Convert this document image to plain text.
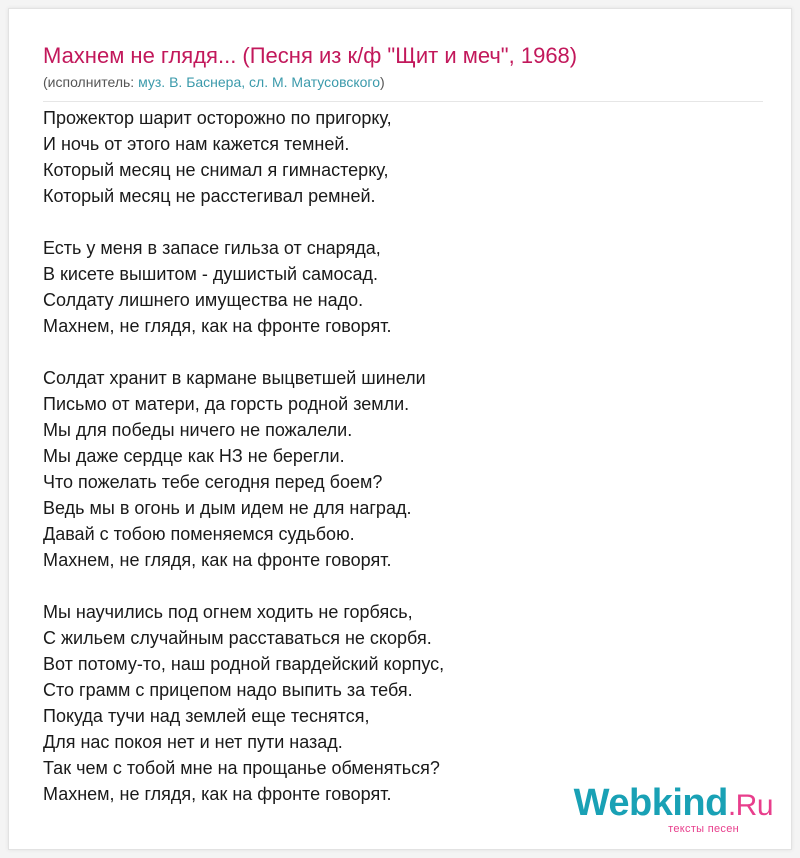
Махнем не глядя... (Песня из к/ф "Щит и меч", 1968)
(исполнитель: муз. В. Баснера, сл. М. Матусовского)
Прожектор шарит осторожно по пригорку,
И ночь от этого нам кажется темней.
Который месяц не снимал я гимнастерку,
Который месяц не расстегивал ремней.
Есть у меня в запасе гильза от снаряда,
В кисете вышитом - душистый самосад.
Солдату лишнего имущества не надо.
Махнем, не глядя, как на фронте говорят.
Солдат хранит в кармане выцветшей шинели
Письмо от матери, да горсть родной земли.
Мы для победы ничего не пожалели.
Мы даже сердце как НЗ не берегли.
Что пожелать тебе сегодня перед боем?
Ведь мы в огонь и дым идем не для наград.
Давай с тобою поменяемся судьбою.
Махнем, не глядя, как на фронте говорят.
Мы научились под огнем ходить не горбясь,
С жильем случайным расставаться не скорбя.
Вот потому-то, наш родной гвардейский корпус,
Сто грамм с прицепом надо выпить за тебя.
Покуда тучи над землей еще теснятся,
Для нас покоя нет и нет пути назад.
Так чем с тобой мне на прощанье обменяться?
Махнем, не глядя, как на фронте говорят.	Webkind.Ru
тексты песен
